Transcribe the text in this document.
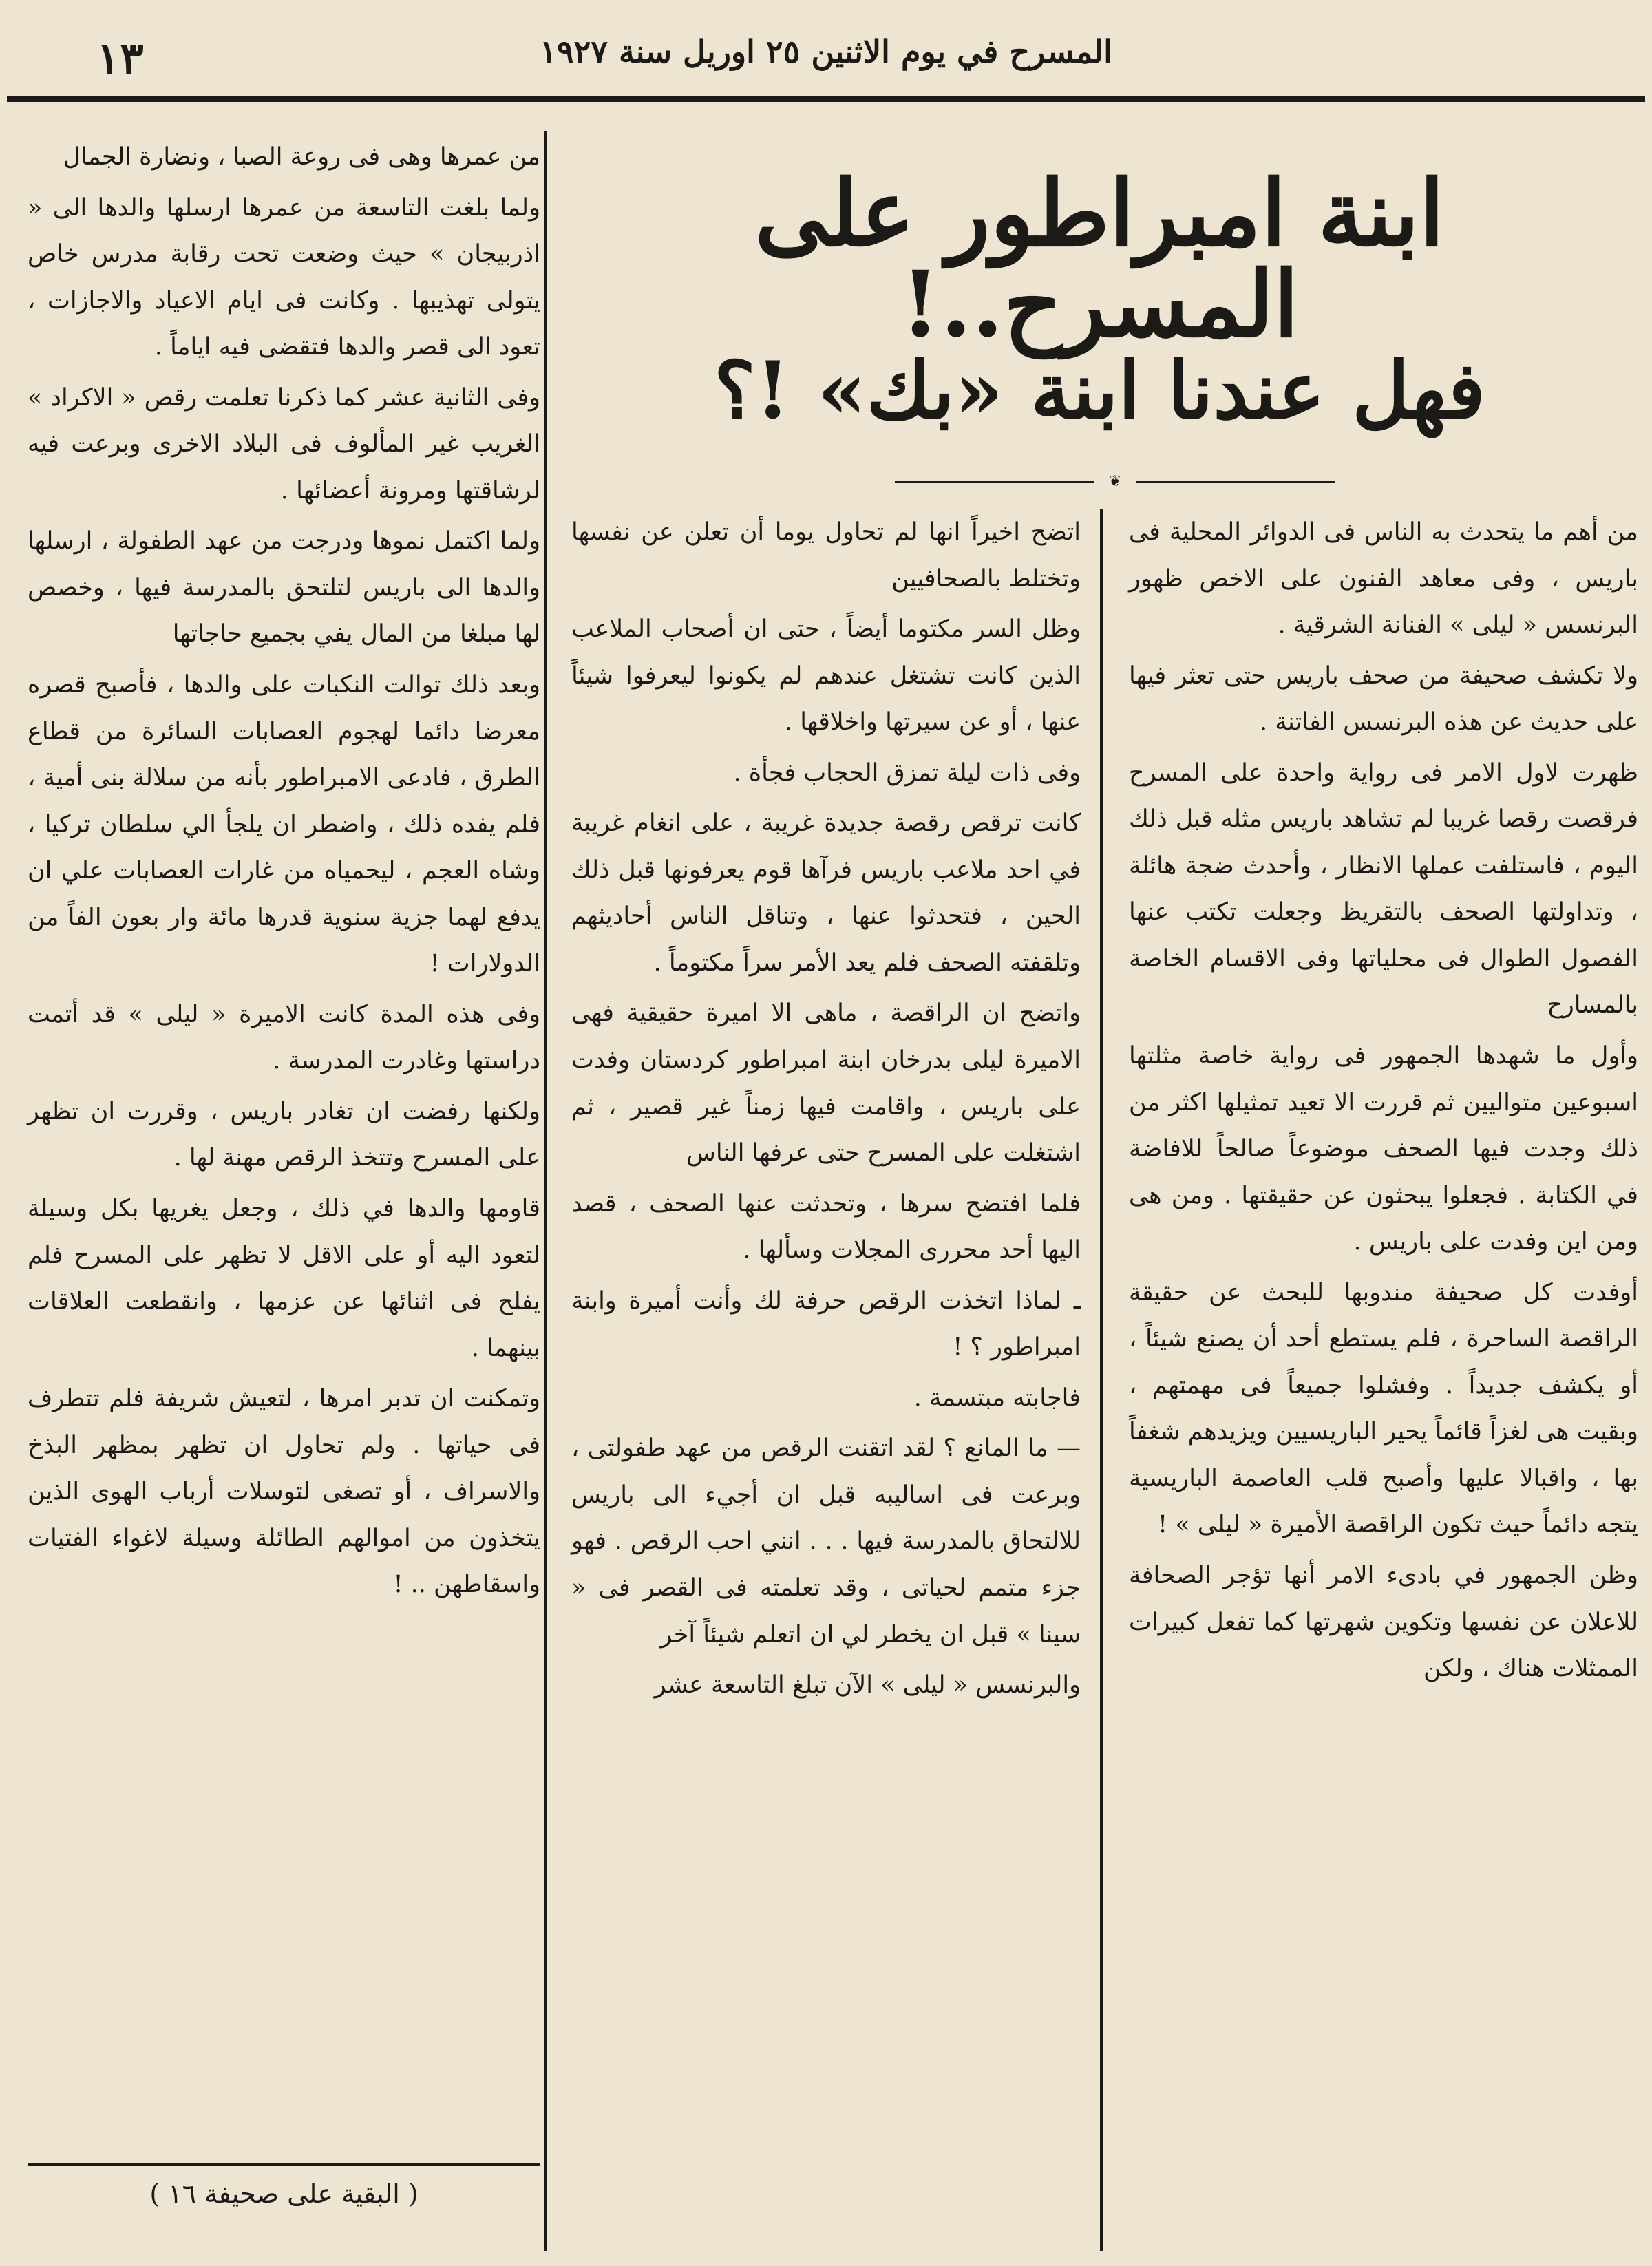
المسرح في يوم الاثنين ٢٥ اوريل سنة ١٩٢٧
١٣
ابنة امبراطور على المسرح..!
فهل عندنا ابنة «بك» !؟
❦

من أهم ما يتحدث به الناس فى الدوائر المحلية فى باريس ، وفى معاهد الفنون على الاخص ظهور البرنسس « ليلى » الفنانة الشرقية .

ولا تكشف صحيفة من صحف باريس حتى تعثر فيها على حديث عن هذه البرنسس الفاتنة .

ظهرت لاول الامر فى رواية واحدة على المسرح فرقصت رقصا غريبا لم تشاهد باريس مثله قبل ذلك اليوم ، فاستلفت عملها الانظار ، وأحدث ضجة هائلة ، وتداولتها الصحف بالتقريظ وجعلت تكتب عنها الفصول الطوال فى محلياتها وفى الاقسام الخاصة بالمسارح

وأول ما شهدها الجمهور فى رواية خاصة مثلتها اسبوعين متواليين ثم قررت الا تعيد تمثيلها اكثر من ذلك وجدت فيها الصحف موضوعاً صالحاً للافاضة في الكتابة . فجعلوا يبحثون عن حقيقتها . ومن هى ومن اين وفدت على باريس .

أوفدت كل صحيفة مندوبها للبحث عن حقيقة الراقصة الساحرة ، فلم يستطع أحد أن يصنع شيئاً ، أو يكشف جديداً . وفشلوا جميعاً فى مهمتهم ، وبقيت هى لغزاً قائماً يحير الباريسيين ويزيدهم شغفاً بها ، واقبالا عليها وأصبح قلب العاصمة الباريسية يتجه دائماً حيث تكون الراقصة الأميرة « ليلى » !

وظن الجمهور في بادىء الامر أنها تؤجر الصحافة للاعلان عن نفسها وتكوين شهرتها كما تفعل كبيرات الممثلات هناك ، ولكن

اتضح اخيراً انها لم تحاول يوما أن تعلن عن نفسها وتختلط بالصحافيين

وظل السر مكتوما أيضاً ، حتى ان أصحاب الملاعب الذين كانت تشتغل عندهم لم يكونوا ليعرفوا شيئاً عنها ، أو عن سيرتها واخلاقها .

وفى ذات ليلة تمزق الحجاب فجأة .

كانت ترقص رقصة جديدة غريبة ، على انغام غريبة في احد ملاعب باريس فرآها قوم يعرفونها قبل ذلك الحين ، فتحدثوا عنها ، وتناقل الناس أحاديثهم وتلقفته الصحف فلم يعد الأمر سراً مكتوماً .

واتضح ان الراقصة ، ماهى الا اميرة حقيقية فهى الاميرة ليلى بدرخان ابنة امبراطور كردستان وفدت على باريس ، واقامت فيها زمناً غير قصير ، ثم اشتغلت على المسرح حتى عرفها الناس

فلما افتضح سرها ، وتحدثت عنها الصحف ، قصد اليها أحد محررى المجلات وسألها .

ـ لماذا اتخذت الرقص حرفة لك وأنت أميرة وابنة امبراطور ؟ !

فاجابته مبتسمة .

— ما المانع ؟ لقد اتقنت الرقص من عهد طفولتى ، وبرعت فى اساليبه قبل ان أجيء الى باريس للالتحاق بالمدرسة فيها . . . انني احب الرقص . فهو جزء متمم لحياتى ، وقد تعلمته فى القصر فى « سينا » قبل ان يخطر لي ان اتعلم شيئاً آخر

والبرنسس « ليلى » الآن تبلغ التاسعة عشر

من عمرها وهى فى روعة الصبا ، ونضارة الجمال

ولما بلغت التاسعة من عمرها ارسلها والدها الى « اذربيجان » حيث وضعت تحت رقابة مدرس خاص يتولى تهذيبها . وكانت فى ايام الاعياد والاجازات ، تعود الى قصر والدها فتقضى فيه اياماً .

وفى الثانية عشر كما ذكرنا تعلمت رقص « الاكراد » الغريب غير المألوف فى البلاد الاخرى وبرعت فيه لرشاقتها ومرونة أعضائها .

ولما اكتمل نموها ودرجت من عهد الطفولة ، ارسلها والدها الى باريس لتلتحق بالمدرسة فيها ، وخصص لها مبلغا من المال يفي بجميع حاجاتها

وبعد ذلك توالت النكبات على والدها ، فأصبح قصره معرضا دائما لهجوم العصابات السائرة من قطاع الطرق ، فادعى الامبراطور بأنه من سلالة بنى أمية ، فلم يفده ذلك ، واضطر ان يلجأ الي سلطان تركيا ، وشاه العجم ، ليحمياه من غارات العصابات علي ان يدفع لهما جزية سنوية قدرها مائة وار بعون الفاً من الدولارات !

وفى هذه المدة كانت الاميرة « ليلى » قد أتمت دراستها وغادرت المدرسة .

ولكنها رفضت ان تغادر باريس ، وقررت ان تظهر على المسرح وتتخذ الرقص مهنة لها .

قاومها والدها في ذلك ، وجعل يغريها بكل وسيلة لتعود اليه أو على الاقل لا تظهر على المسرح فلم يفلح فى اثنائها عن عزمها ، وانقطعت العلاقات بينهما .

وتمكنت ان تدبر امرها ، لتعيش شريفة فلم تتطرف فى حياتها . ولم تحاول ان تظهر بمظهر البذخ والاسراف ، أو تصغى لتوسلات أرباب الهوى الذين يتخذون من اموالهم الطائلة وسيلة لاغواء الفتيات واسقاطهن .. !

( البقية على صحيفة ١٦ )
